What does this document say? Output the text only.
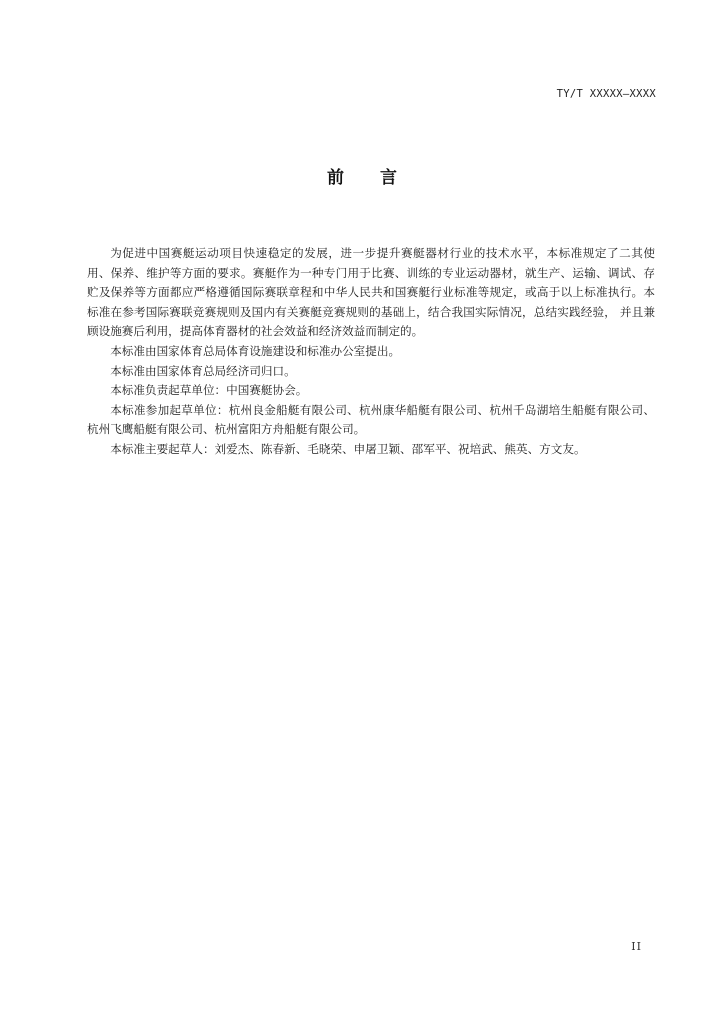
TY/T XXXXX—XXXX
前言

为促进中国赛艇运动项目快速稳定的发展，进一步提升赛艇器材行业的技术水平，本标准规定了二其使用、保养、维护等方面的要求。赛艇作为一种专门用于比赛、训练的专业运动器材，就生产、运输、调试、存贮及保养等方面都应严格遵循国际赛联章程和中华人民共和国赛艇行业标准等规定，或高于以上标准执行。本标准在参考国际赛联竞赛规则及国内有关赛艇竞赛规则的基础上，结合我国实际情况，总结实践经验， 并且兼顾设施赛后利用，提高体育器材的社会效益和经济效益而制定的。

本标准由国家体育总局体育设施建设和标准办公室提出。

本标准由国家体育总局经济司归口。

本标准负责起草单位：中国赛艇协会。

本标准参加起草单位：杭州良金船艇有限公司、杭州康华船艇有限公司、杭州千岛湖培生船艇有限公司、杭州飞鹰船艇有限公司、杭州富阳方舟船艇有限公司。

本标准主要起草人：刘爱杰、陈春新、毛晓荣、申屠卫颖、邵军平、祝培武、熊英、方文友。

II
